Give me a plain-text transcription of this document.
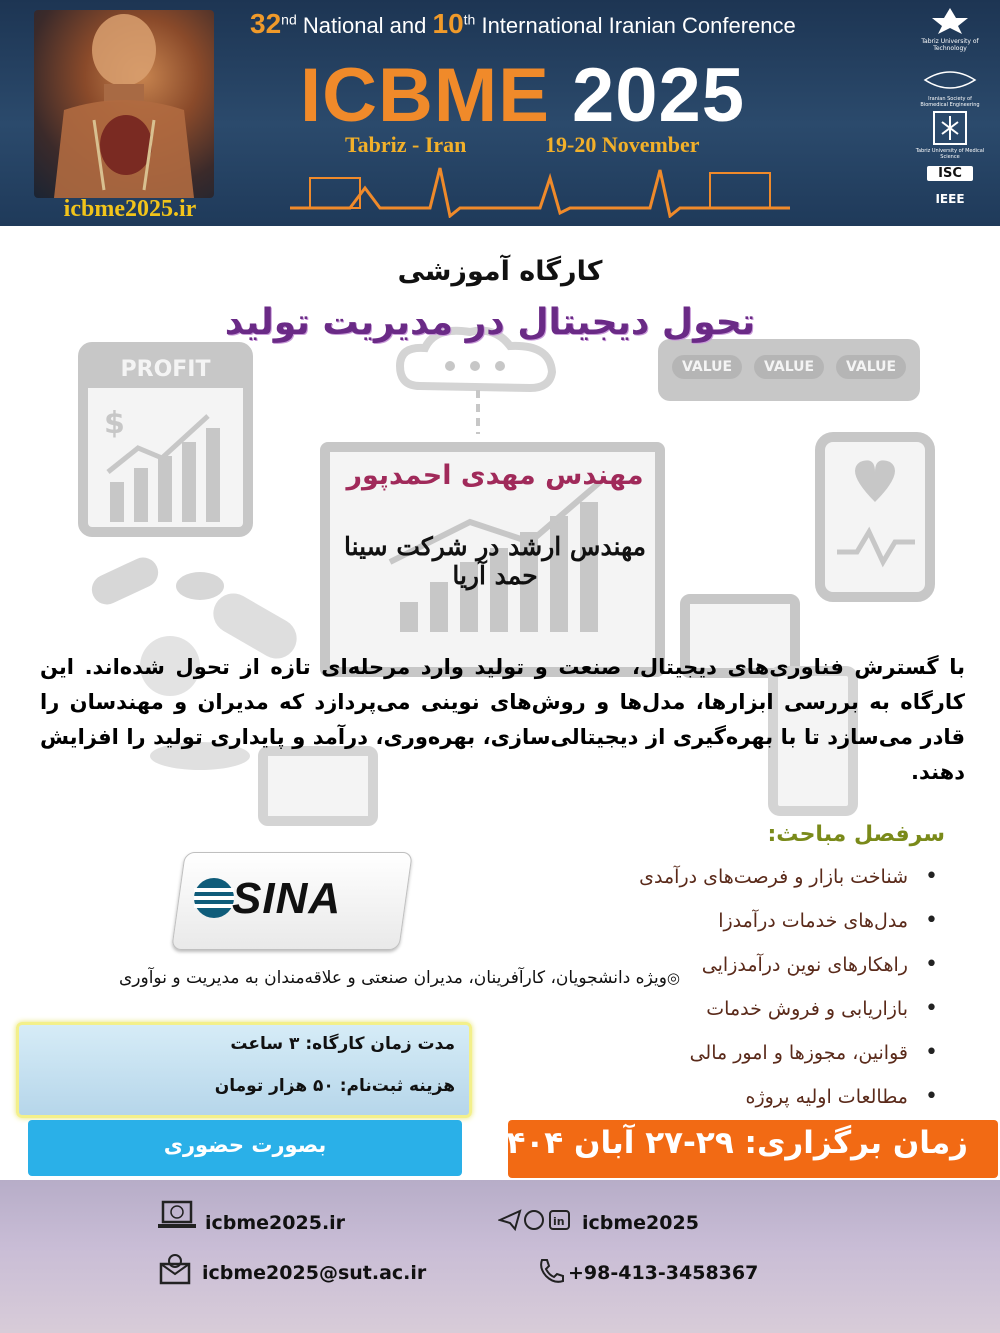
icbme2025.ir
32nd National and 10th International Iranian Conference
ICBME 2025
Tabriz - Iran	19-20 November
Tabriz University of Technology
Iranian Society of Biomedical Engineering
Tabriz University of Medical Science
ISC
IEEE
PROFIT
$
VALUE	VALUE	VALUE
کارگاه آموزشی
تحول دیجیتال در مدیریت تولید
مهندس مهدی احمدپور
مهندس ارشد در شرکت سینا حمد آریا
با گسترش فناوری‌های دیجیتال، صنعت و تولید وارد مرحله‌ای تازه از تحول شده‌اند. این کارگاه به بررسی ابزارها، مدل‌ها و روش‌های نوینی می‌پردازد که مدیران و مهندسان را قادر می‌سازد تا با بهره‌گیری از دیجیتالی‌سازی، بهره‌وری، درآمد و پایداری تولید را افزایش دهند.
سرفصل مباحث:
• شناخت بازار و فرصت‌های درآمدی
• مدل‌های خدمات درآمدزا
• راهکارهای نوین درآمدزایی
• بازاریابی و فروش خدمات
• قوانین، مجوزها و امور مالی
• مطالعات اولیه پروژه
SINA
◎ویژه دانشجویان، کارآفرینان، مدیران صنعتی و علاقه‌مندان به مدیریت و نوآوری
مدت زمان کارگاه: ۳ ساعت
هزینه ثبت‌نام: ۵۰ هزار تومان
بصورت حضوری	زمان برگزاری: ۲۹-۲۷ آبان ۱۴۰۴
icbme2025.ir	in icbme2025
icbme2025@sut.ac.ir	+98-413-3458367
